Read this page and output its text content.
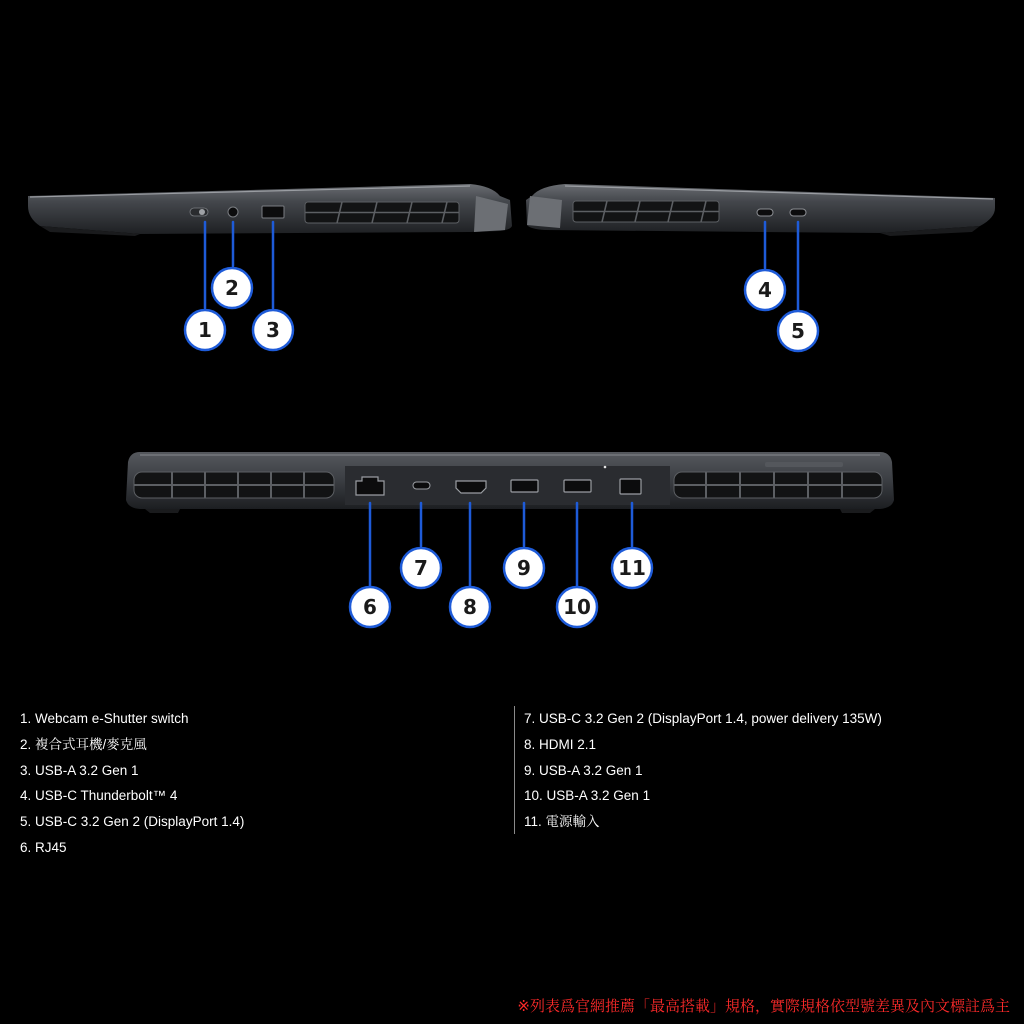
1
2
3
4
5
6
7
8
9
10
11
1. Webcam e-Shutter switch
2. 複合式耳機/麥克風
3. USB-A 3.2 Gen 1
4. USB-C Thunderbolt™ 4
5. USB-C 3.2 Gen 2 (DisplayPort 1.4)
6. RJ45
7. USB-C 3.2 Gen 2 (DisplayPort 1.4, power delivery 135W)
8. HDMI 2.1
9. USB-A 3.2 Gen 1
10. USB-A 3.2 Gen 1
11. 電源輸入
※列表爲官網推薦「最高搭載」規格，實際規格依型號差異及內文標註爲主
